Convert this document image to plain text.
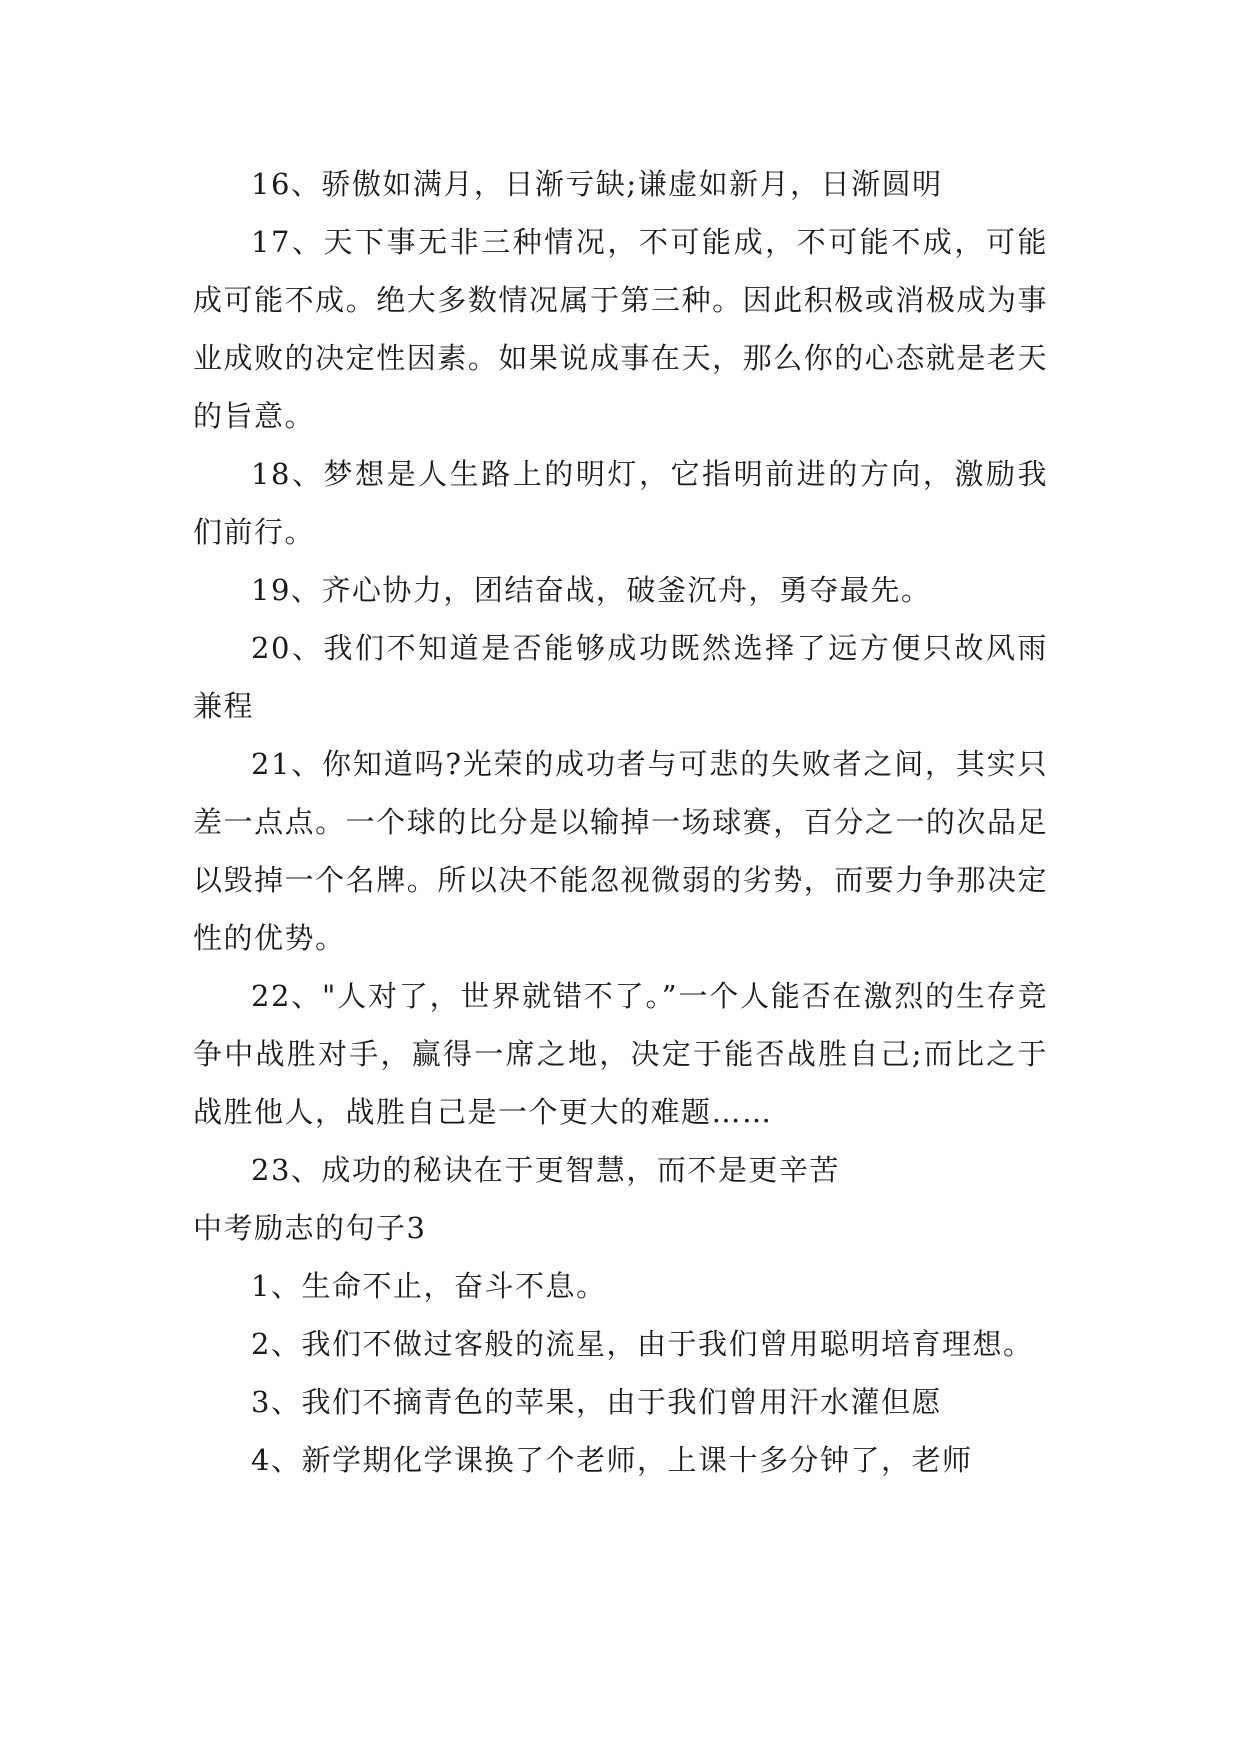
16、骄傲如满月，日渐亏缺;谦虚如新月，日渐圆明

17、天下事无非三种情况，不可能成，不可能不成，可能成可能不成。绝大多数情况属于第三种。因此积极或消极成为事业成败的决定性因素。如果说成事在天，那么你的心态就是老天的旨意。

18、梦想是人生路上的明灯，它指明前进的方向，激励我们前行。

19、齐心协力，团结奋战，破釜沉舟，勇夺最先。

20、我们不知道是否能够成功既然选择了远方便只故风雨兼程

21、你知道吗?光荣的成功者与可悲的失败者之间，其实只差一点点。一个球的比分是以输掉一场球赛，百分之一的次品足以毁掉一个名牌。所以决不能忽视微弱的劣势，而要力争那决定性的优势。

22、"人对了，世界就错不了。”一个人能否在激烈的生存竞争中战胜对手，赢得一席之地，决定于能否战胜自己;而比之于战胜他人，战胜自己是一个更大的难题……

23、成功的秘诀在于更智慧，而不是更辛苦

中考励志的句子3

1、生命不止，奋斗不息。

2、我们不做过客般的流星，由于我们曾用聪明培育理想。

3、我们不摘青色的苹果，由于我们曾用汗水灌但愿

4、新学期化学课换了个老师，上课十多分钟了，老师
